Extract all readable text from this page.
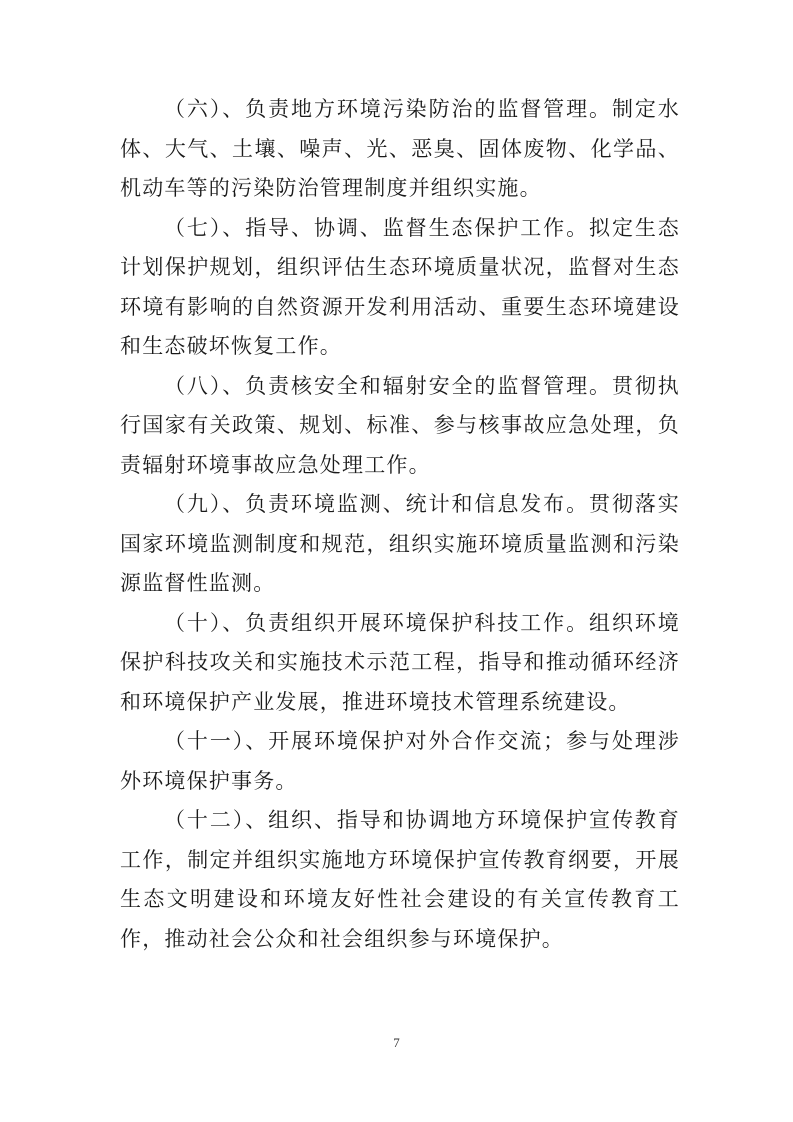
（六）、负责地方环境污染防治的监督管理。制定水体、大气、土壤、噪声、光、恶臭、固体废物、化学品、机动车等的污染防治管理制度并组织实施。

（七）、指导、协调、监督生态保护工作。拟定生态计划保护规划，组织评估生态环境质量状况，监督对生态环境有影响的自然资源开发利用活动、重要生态环境建设和生态破坏恢复工作。

（八）、负责核安全和辐射安全的监督管理。贯彻执行国家有关政策、规划、标准、参与核事故应急处理，负责辐射环境事故应急处理工作。

（九）、负责环境监测、统计和信息发布。贯彻落实国家环境监测制度和规范，组织实施环境质量监测和污染源监督性监测。

（十）、负责组织开展环境保护科技工作。组织环境保护科技攻关和实施技术示范工程，指导和推动循环经济和环境保护产业发展，推进环境技术管理系统建设。

（十一）、开展环境保护对外合作交流；参与处理涉外环境保护事务。

（十二）、组织、指导和协调地方环境保护宣传教育工作，制定并组织实施地方环境保护宣传教育纲要，开展生态文明建设和环境友好性社会建设的有关宣传教育工作，推动社会公众和社会组织参与环境保护。

7
